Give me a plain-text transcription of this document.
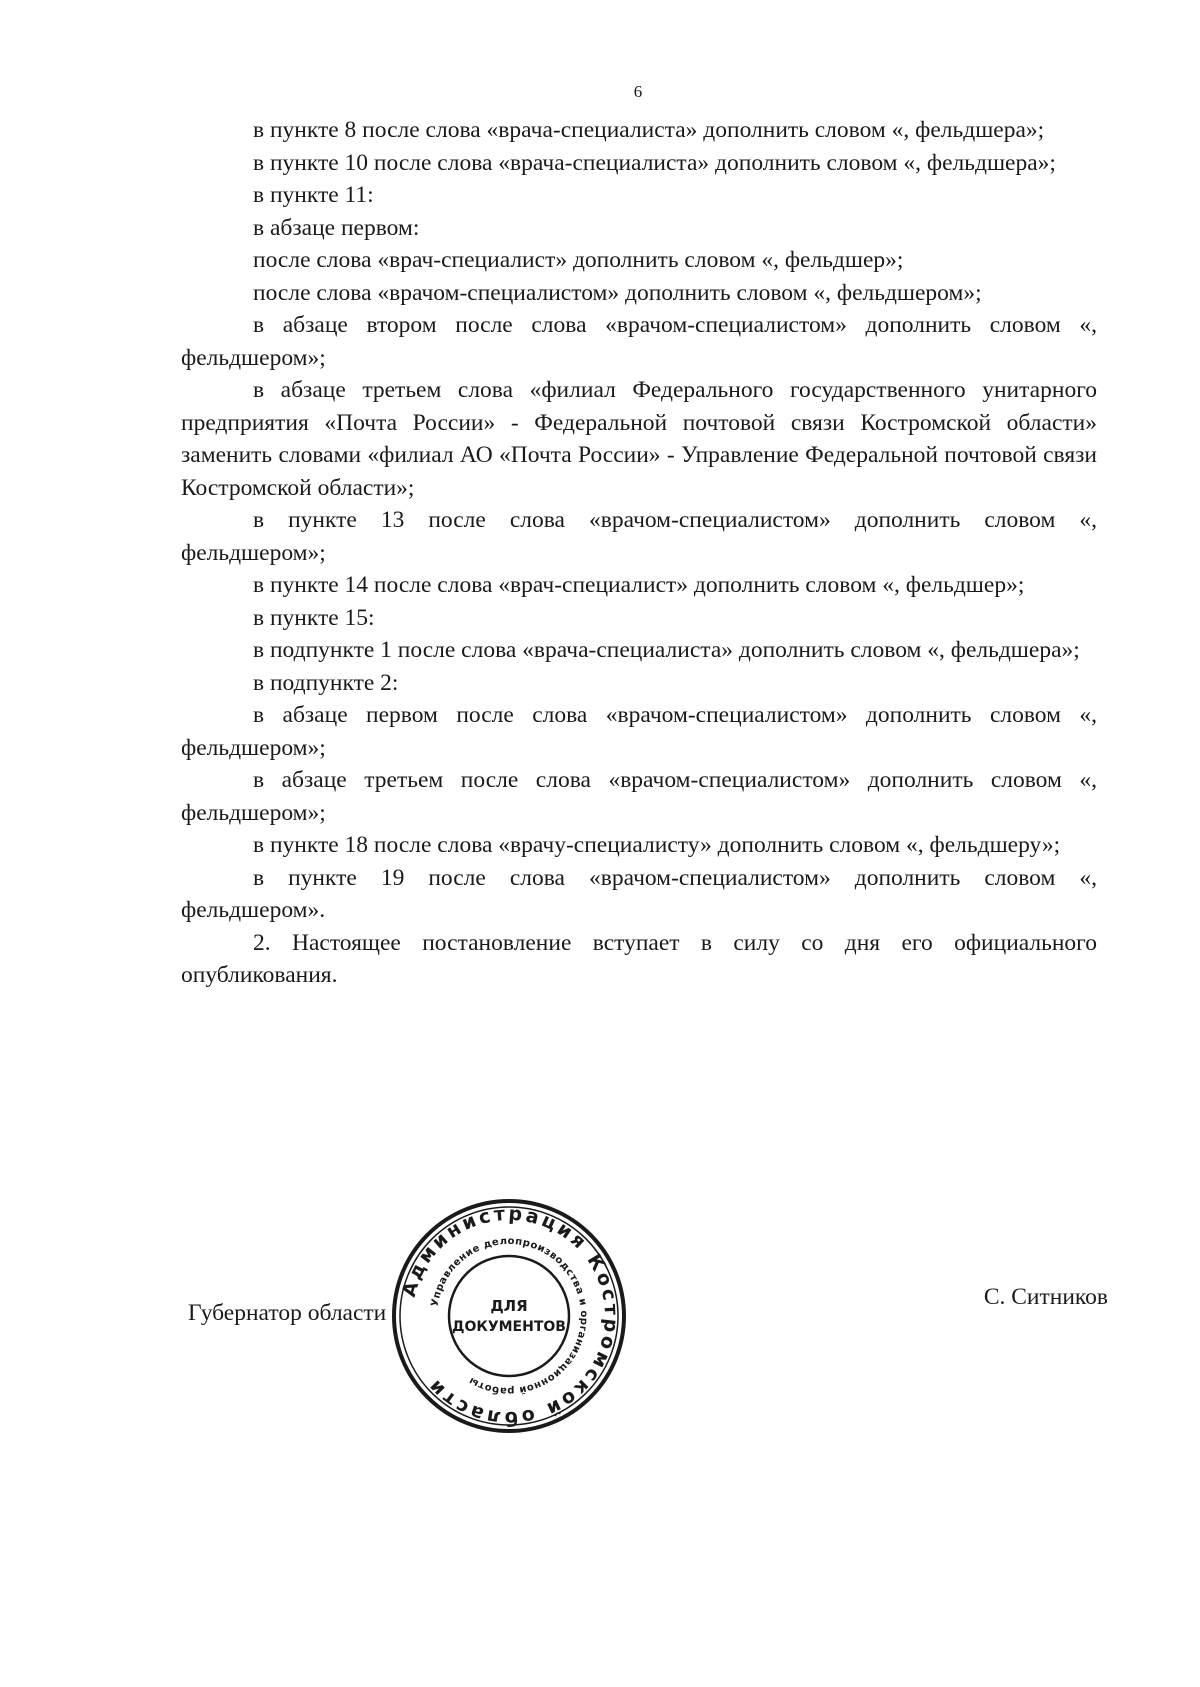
6

в пункте 8 после слова «врача-специалиста» дополнить словом «, фельдшера»;

в пункте 10 после слова «врача-специалиста» дополнить словом «, фельдшера»;

в пункте 11:

в абзаце первом:

после слова «врач-специалист» дополнить словом «, фельдшер»;

после слова «врачом-специалистом» дополнить словом «, фельдшером»;

в абзаце втором после слова «врачом-специалистом» дополнить словом «, фельдшером»;

в абзаце третьем слова «филиал Федерального государственного унитарного предприятия «Почта России» - Федеральной почтовой связи Костромской области» заменить словами «филиал АО «Почта России» - Управление Федеральной почтовой связи Костромской области»;

в пункте 13 после слова «врачом-специалистом» дополнить словом «, фельдшером»;

в пункте 14 после слова «врач-специалист» дополнить словом «, фельдшер»;

в пункте 15:

в подпункте 1 после слова «врача-специалиста» дополнить словом «, фельдшера»;

в подпункте 2:

в абзаце первом после слова «врачом-специалистом» дополнить словом «, фельдшером»;

в абзаце третьем после слова «врачом-специалистом» дополнить словом «, фельдшером»;

в пункте 18 после слова «врачу-специалисту» дополнить словом «, фельдшеру»;

в пункте 19 после слова «врачом-специалистом» дополнить словом «, фельдшером».

2. Настоящее постановление вступает в силу со дня его официального опубликования.

Губернатор области
С. Ситников
Администрация Костромской области
Управление делопроизводства и организационной работы
ДЛЯ
ДОКУМЕНТОВ
